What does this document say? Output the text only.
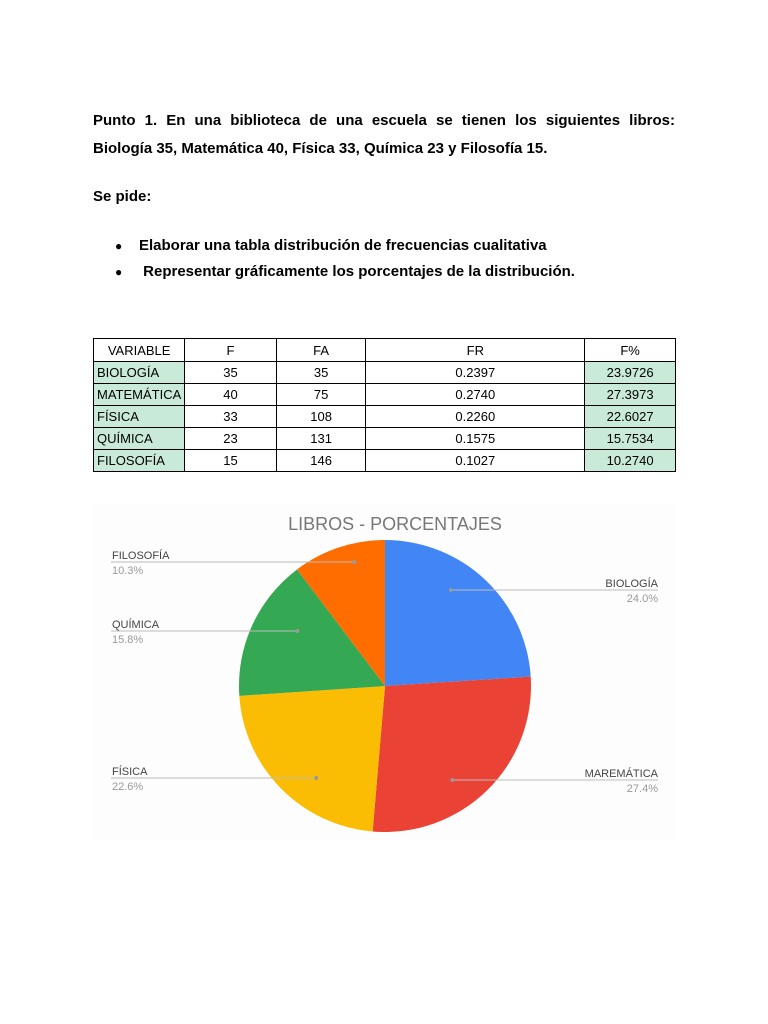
Punto 1. En una biblioteca de una escuela se tienen los siguientes libros:
Biología 35, Matemática 40, Física 33, Química 23 y Filosofía 15.
Se pide:
● Elaborar una tabla distribución de frecuencias cualitativa
● Representar gráficamente los porcentajes de la distribución.
VARIABLE	F	FA	FR	F%
BIOLOGÍA	35	35	0.2397	23.9726
MATEMÁTICA	40	75	0.2740	27.3973
FÍSICA	33	108	0.2260	22.6027
QUÍMICA	23	131	0.1575	15.7534
FILOSOFÍA	15	146	0.1027	10.2740
LIBROS - PORCENTAJES
BIOLOGÍA
24.0%
MAREMÁTICA
27.4%
FÍSICA
22.6%
QUÍMICA
15.8%
FILOSOFÍA
10.3%
